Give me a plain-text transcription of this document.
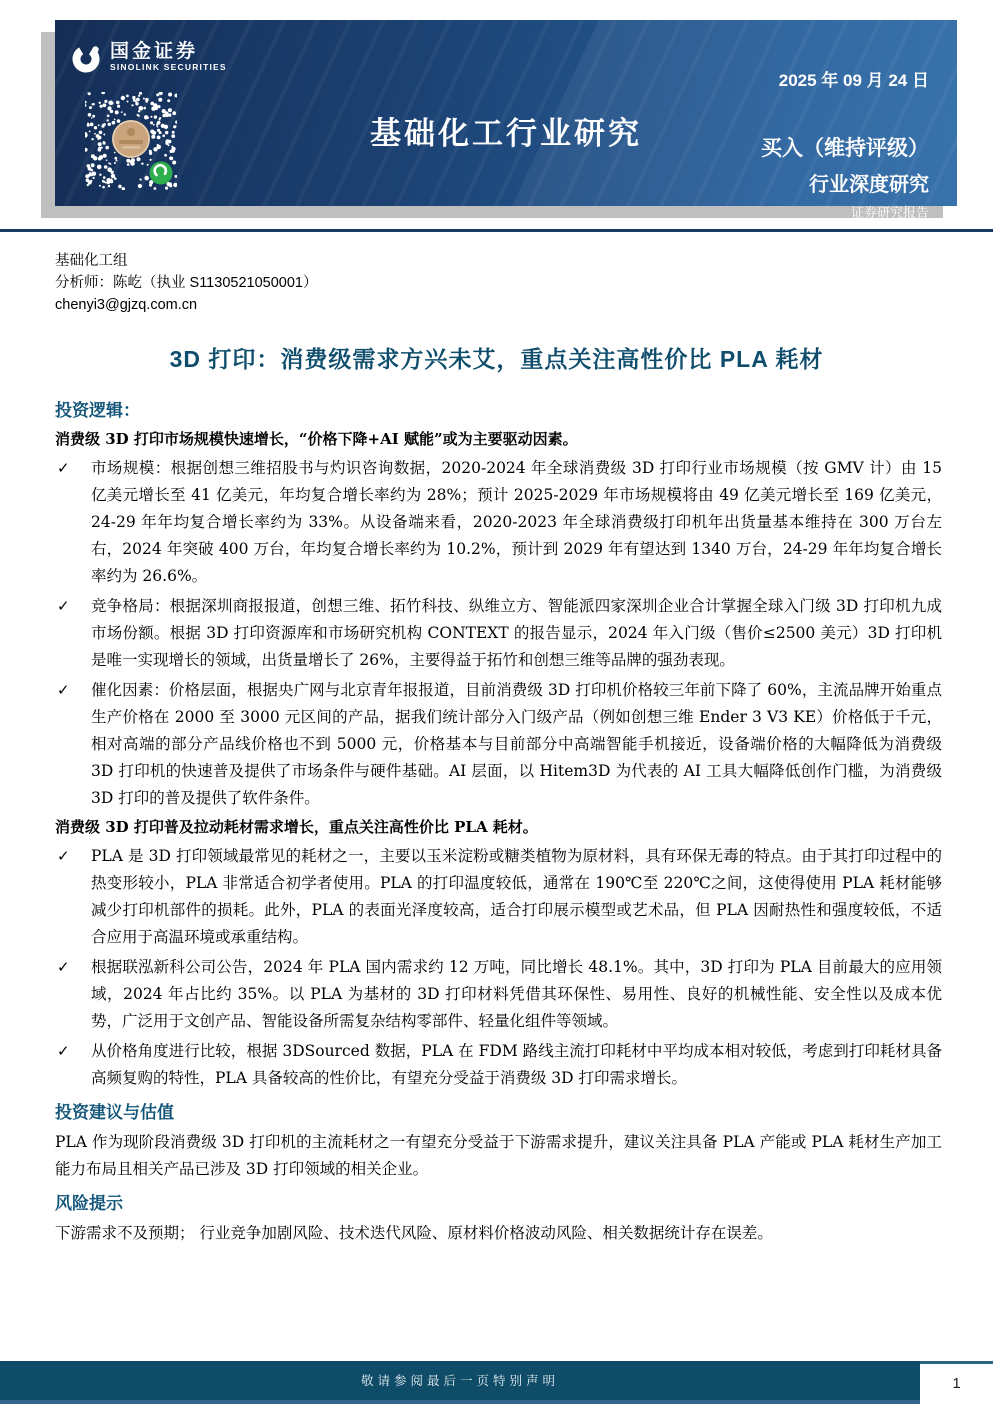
国金证券
SINOLINK SECURITIES
基础化工行业研究
2025 年 09 月 24 日
买入（维持评级）
行业深度研究
证券研究报告
基础化工组
分析师：陈屹（执业 S1130521050001）
chenyi3@gjzq.com.cn
3D 打印：消费级需求方兴未艾，重点关注高性价比 PLA 耗材
投资逻辑：

消费级 3D 打印市场规模快速增长，“价格下降+AI 赋能”或为主要驱动因素。

✓	市场规模：根据创想三维招股书与灼识咨询数据，2020-2024 年全球消费级 3D 打印行业市场规模（按 GMV 计）由 15 亿美元增长至 41 亿美元，年均复合增长率约为 28%；预计 2025-2029 年市场规模将由 49 亿美元增长至 169 亿美元，24-29 年年均复合增长率约为 33%。从设备端来看，2020-2023 年全球消费级打印机年出货量基本维持在 300 万台左右，2024 年突破 400 万台，年均复合增长率约为 10.2%，预计到 2029 年有望达到 1340 万台，24-29 年年均复合增长率约为 26.6%。
✓	竞争格局：根据深圳商报报道，创想三维、拓竹科技、纵维立方、智能派四家深圳企业合计掌握全球入门级 3D 打印机九成市场份额。根据 3D 打印资源库和市场研究机构 CONTEXT 的报告显示，2024 年入门级（售价≤2500 美元）3D 打印机是唯一实现增长的领域，出货量增长了 26%，主要得益于拓竹和创想三维等品牌的强劲表现。
✓	催化因素：价格层面，根据央广网与北京青年报报道，目前消费级 3D 打印机价格较三年前下降了 60%，主流品牌开始重点生产价格在 2000 至 3000 元区间的产品，据我们统计部分入门级产品（例如创想三维 Ender 3 V3 KE）价格低于千元，相对高端的部分产品线价格也不到 5000 元，价格基本与目前部分中高端智能手机接近，设备端价格的大幅降低为消费级 3D 打印机的快速普及提供了市场条件与硬件基础。AI 层面，以 Hitem3D 为代表的 AI 工具大幅降低创作门槛，为消费级 3D 打印的普及提供了软件条件。

消费级 3D 打印普及拉动耗材需求增长，重点关注高性价比 PLA 耗材。

✓	PLA 是 3D 打印领域最常见的耗材之一，主要以玉米淀粉或糖类植物为原材料，具有环保无毒的特点。由于其打印过程中的热变形较小，PLA 非常适合初学者使用。PLA 的打印温度较低，通常在 190℃至 220℃之间，这使得使用 PLA 耗材能够减少打印机部件的损耗。此外，PLA 的表面光泽度较高，适合打印展示模型或艺术品，但 PLA 因耐热性和强度较低，不适合应用于高温环境或承重结构。
✓	根据联泓新科公司公告，2024 年 PLA 国内需求约 12 万吨，同比增长 48.1%。其中，3D 打印为 PLA 目前最大的应用领域，2024 年占比约 35%。以 PLA 为基材的 3D 打印材料凭借其环保性、易用性、良好的机械性能、安全性以及成本优势，广泛用于文创产品、智能设备所需复杂结构零部件、轻量化组件等领域。
✓	从价格角度进行比较，根据 3DSourced 数据，PLA 在 FDM 路线主流打印耗材中平均成本相对较低，考虑到打印耗材具备高频复购的特性，PLA 具备较高的性价比，有望充分受益于消费级 3D 打印需求增长。
投资建议与估值

PLA 作为现阶段消费级 3D 打印机的主流耗材之一有望充分受益于下游需求提升，建议关注具备 PLA 产能或 PLA 耗材生产加工能力布局且相关产品已涉及 3D 打印领域的相关企业。

风险提示

下游需求不及预期； 行业竞争加剧风险、技术迭代风险、原材料价格波动风险、相关数据统计存在误差。

敬请参阅最后一页特别声明	1
